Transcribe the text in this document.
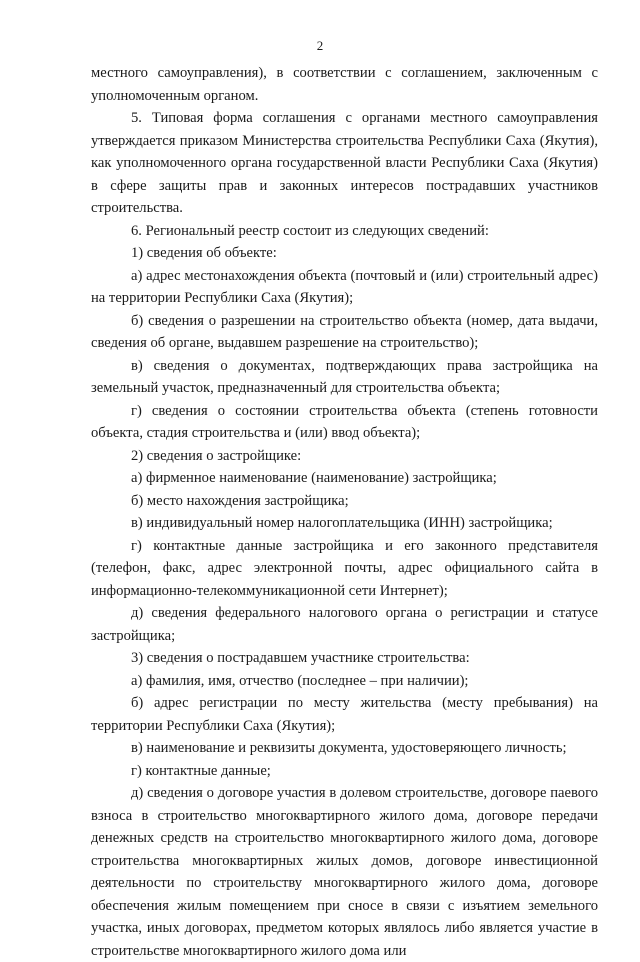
2

местного самоуправления), в соответствии с соглашением, заключенным с уполномоченным органом.

5. Типовая форма соглашения с органами местного самоуправления утверждается приказом Министерства строительства Республики Саха (Якутия), как уполномоченного органа государственной власти Республики Саха (Якутия) в сфере защиты прав и законных интересов пострадавших участников строительства.

6. Региональный реестр состоит из следующих сведений:

1) сведения об объекте:

а) адрес местонахождения объекта (почтовый и (или) строительный адрес) на территории Республики Саха (Якутия);

б) сведения о разрешении на строительство объекта (номер, дата выдачи, сведения об органе, выдавшем разрешение на строительство);

в) сведения о документах, подтверждающих права застройщика на земельный участок, предназначенный для строительства объекта;

г) сведения о состоянии строительства объекта (степень готовности объекта, стадия строительства и (или) ввод объекта);

2) сведения о застройщике:

а) фирменное наименование (наименование) застройщика;

б) место нахождения застройщика;

в) индивидуальный номер налогоплательщика (ИНН) застройщика;

г) контактные данные застройщика и его законного представителя (телефон, факс, адрес электронной почты, адрес официального сайта в информационно-телекоммуникационной сети Интернет);

д) сведения федерального налогового органа о регистрации и статусе застройщика;

3) сведения о пострадавшем участнике строительства:

а) фамилия, имя, отчество (последнее – при наличии);

б) адрес регистрации по месту жительства (месту пребывания) на территории Республики Саха (Якутия);

в) наименование и реквизиты документа, удостоверяющего личность;

г) контактные данные;

д) сведения о договоре участия в долевом строительстве, договоре паевого взноса в строительство многоквартирного жилого дома, договоре передачи денежных средств на строительство многоквартирного жилого дома, договоре строительства многоквартирных жилых домов, договоре инвестиционной деятельности по строительству многоквартирного жилого дома, договоре обеспечения жилым помещением при сносе в связи с изъятием земельного участка, иных договорах, предметом которых являлось либо является участие в строительстве многоквартирного жилого дома или
